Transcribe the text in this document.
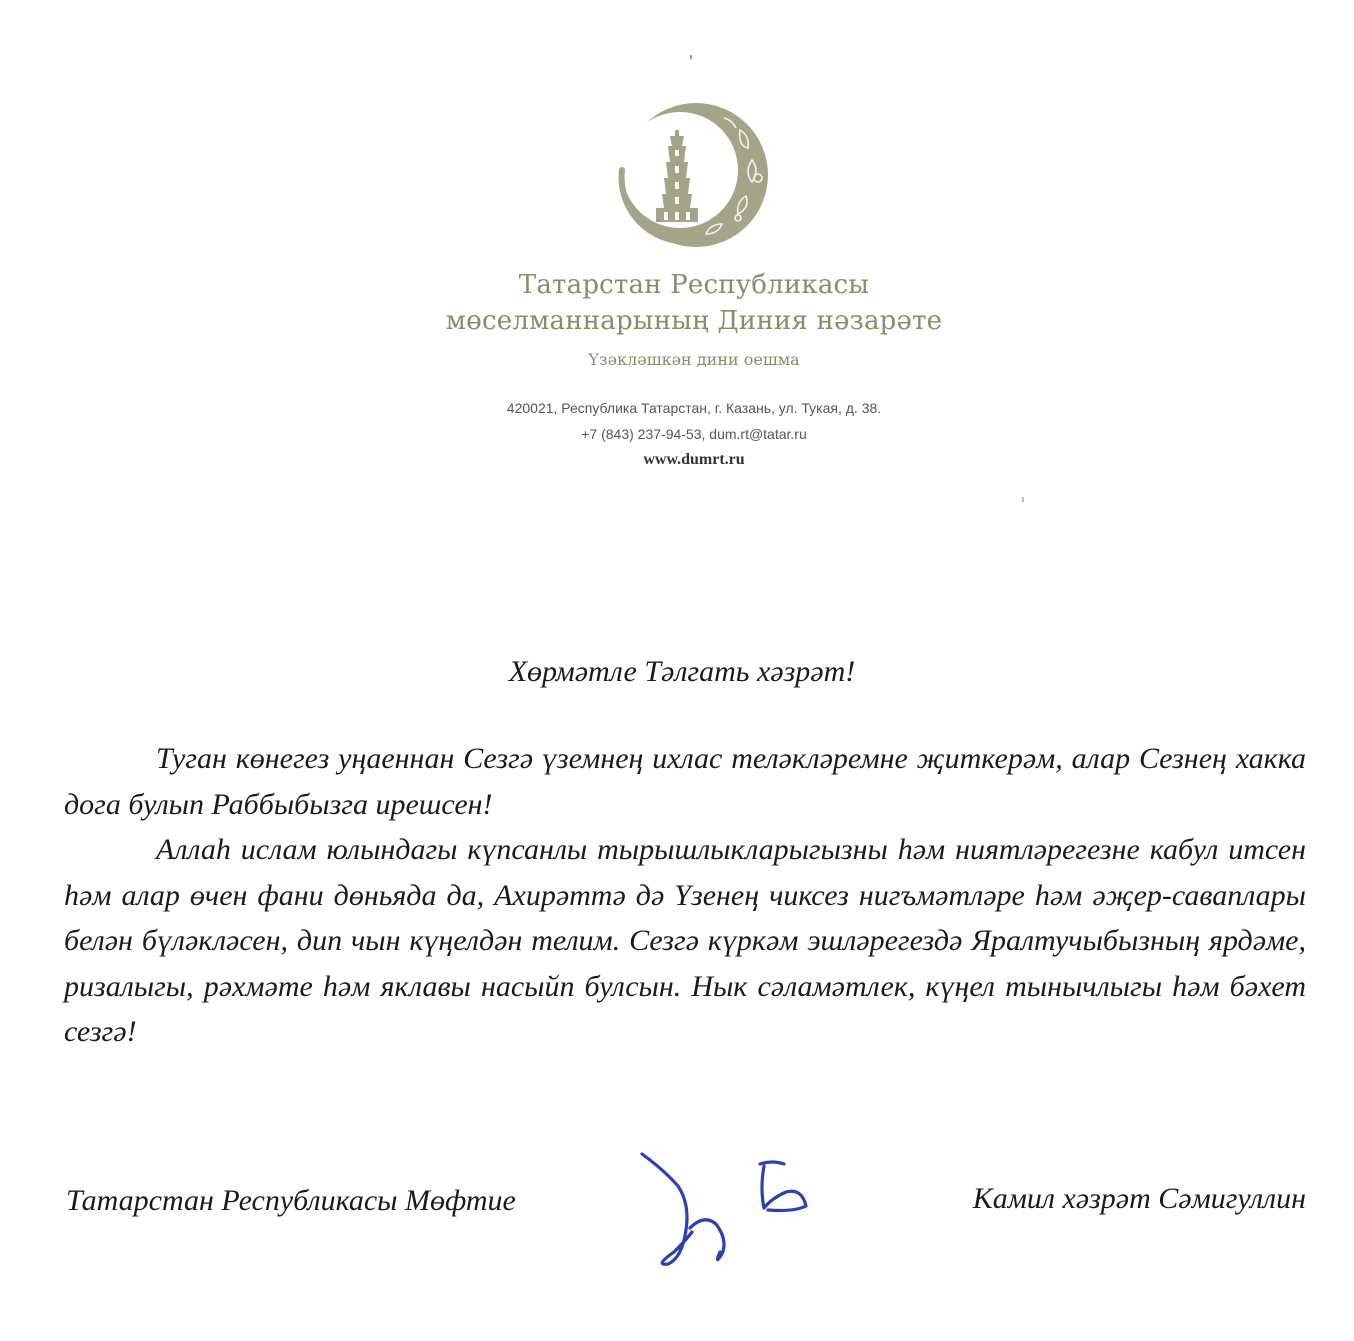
Татарстан Республикасы
мөселманнарының Диния нәзарәте
Үзәкләшкән дини оешма
420021, Республика Татарстан, г. Казань, ул. Тукая, д. 38.
+7 (843) 237-94-53, dum.rt@tatar.ru
www.dumrt.ru
Хөрмәтле Тәлгать хәзрәт!

Туган көнегез уңаеннан Сезгә үземнең ихлас теләкләремне җиткерәм, алар Сезнең хакка дога булып Раббыбызга ирешсен!

Аллаһ ислам юлындагы күпсанлы тырышлыкларыгызны һәм ниятләрегезне кабул итсен һәм алар өчен фани дөньяда да, Ахирәттә дә Үзенең чиксез нигъмәтләре һәм әҗер-саваплары белән бүләкләсен, дип чын күңелдән телим. Сезгә күркәм эшләрегездә Яралтучыбызның ярдәме, ризалыгы, рәхмәте һәм яклавы насыйп булсын. Нык сәламәтлек, күңел тынычлыгы һәм бәхет сезгә!

Татарстан Республикасы Мөфтие	Камил хәзрәт Сәмигуллин
